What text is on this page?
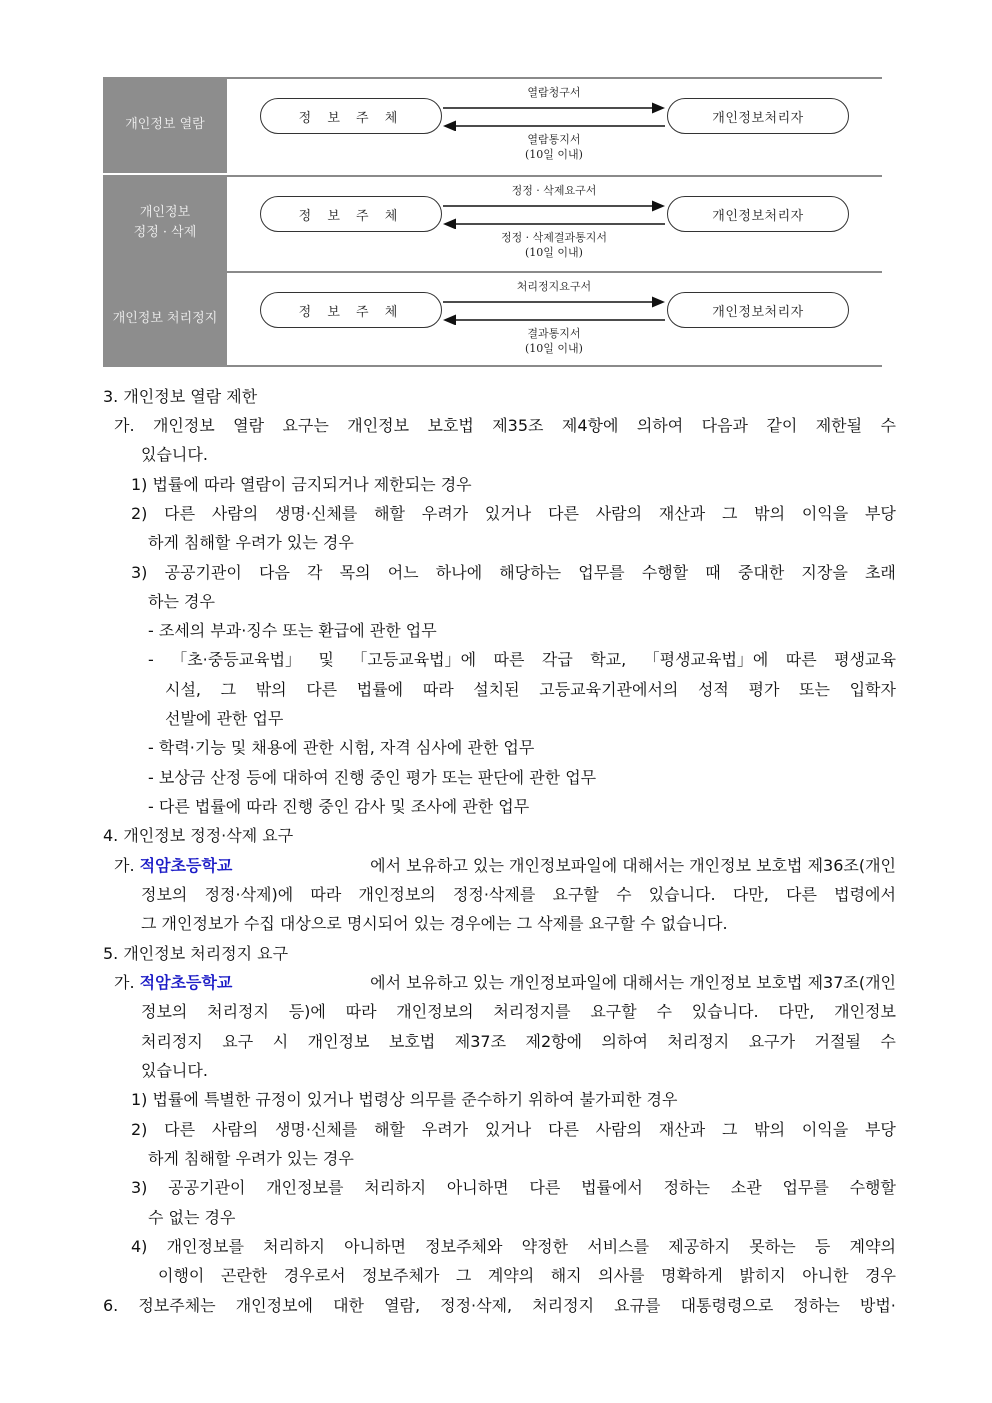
개인정보 열람	정 보 주 체	개인정보처리자
열람청구서
열람통지서
(10일 이내)
개인정보
정정 · 삭제
정 보 주 체	개인정보처리자
정정 · 삭제요구서
정정 · 삭제결과통지서
(10일 이내)
개인정보 처리정지	정 보 주 체	개인정보처리자
처리정지요구서
결과통지서
(10일 이내)
3. 개인정보 열람 제한
가. 개인정보 열람 요구는 개인정보 보호법 제35조 제4항에 의하여 다음과 같이 제한될 수
있습니다.
1) 법률에 따라 열람이 금지되거나 제한되는 경우
2) 다른 사람의 생명·신체를 해할 우려가 있거나 다른 사람의 재산과 그 밖의 이익을 부당
하게 침해할 우려가 있는 경우
3) 공공기관이 다음 각 목의 어느 하나에 해당하는 업무를 수행할 때 중대한 지장을 초래
하는 경우
- 조세의 부과·징수 또는 환급에 관한 업무
- 「초·중등교육법」 및 「고등교육법」에 따른 각급 학교, 「평생교육법」에 따른 평생교육
시설, 그 밖의 다른 법률에 따라 설치된 고등교육기관에서의 성적 평가 또는 입학자
선발에 관한 업무
- 학력·기능 및 채용에 관한 시험, 자격 심사에 관한 업무
- 보상금 산정 등에 대하여 진행 중인 평가 또는 판단에 관한 업무
- 다른 법률에 따라 진행 중인 감사 및 조사에 관한 업무
4. 개인정보 정정·삭제 요구
가. 적암초등학교	에서 보유하고 있는 개인정보파일에 대해서는 개인정보 보호법 제36조(개인
정보의 정정·삭제)에 따라 개인정보의 정정·삭제를 요구할 수 있습니다. 다만, 다른 법령에서
그 개인정보가 수집 대상으로 명시되어 있는 경우에는 그 삭제를 요구할 수 없습니다.
5. 개인정보 처리정지 요구
가. 적암초등학교	에서 보유하고 있는 개인정보파일에 대해서는 개인정보 보호법 제37조(개인
정보의 처리정지 등)에 따라 개인정보의 처리정지를 요구할 수 있습니다. 다만, 개인정보
처리정지 요구 시 개인정보 보호법 제37조 제2항에 의하여 처리정지 요구가 거절될 수
있습니다.
1) 법률에 특별한 규정이 있거나 법령상 의무를 준수하기 위하여 불가피한 경우
2) 다른 사람의 생명·신체를 해할 우려가 있거나 다른 사람의 재산과 그 밖의 이익을 부당
하게 침해할 우려가 있는 경우
3) 공공기관이 개인정보를 처리하지 아니하면 다른 법률에서 정하는 소관 업무를 수행할
수 없는 경우
4) 개인정보를 처리하지 아니하면 정보주체와 약정한 서비스를 제공하지 못하는 등 계약의
이행이 곤란한 경우로서 정보주체가 그 계약의 해지 의사를 명확하게 밝히지 아니한 경우
6. 정보주체는 개인정보에 대한 열람, 정정·삭제, 처리정지 요규를 대통령령으로 정하는 방법·
